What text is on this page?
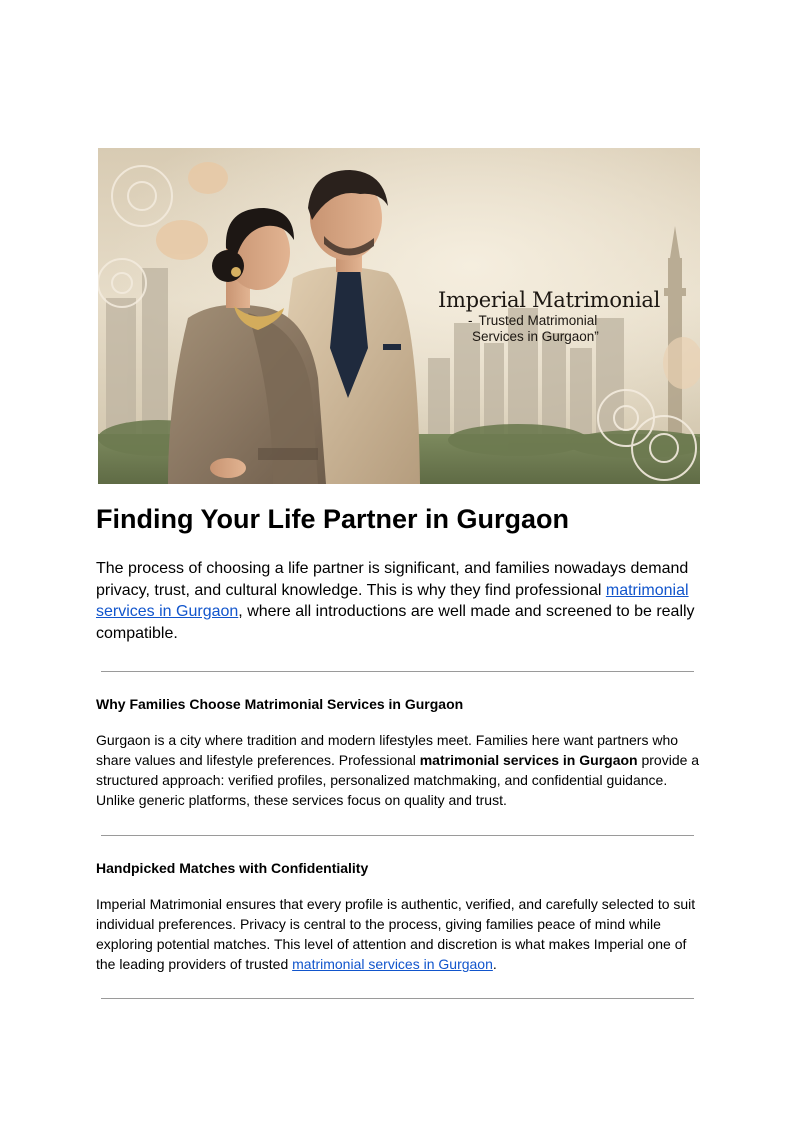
Imperial Matrimonial
- Trusted Matrimonial
Services in Gurgaon”
Finding Your Life Partner in Gurgaon

The process of choosing a life partner is significant, and families nowadays demand privacy, trust, and cultural knowledge. This is why they find professional matrimonial services in Gurgaon, where all introductions are well made and screened to be really compatible.

Why Families Choose Matrimonial Services in Gurgaon

Gurgaon is a city where tradition and modern lifestyles meet. Families here want partners who share values and lifestyle preferences. Professional matrimonial services in Gurgaon provide a structured approach: verified profiles, personalized matchmaking, and confidential guidance. Unlike generic platforms, these services focus on quality and trust.

Handpicked Matches with Confidentiality

Imperial Matrimonial ensures that every profile is authentic, verified, and carefully selected to suit individual preferences. Privacy is central to the process, giving families peace of mind while exploring potential matches. This level of attention and discretion is what makes Imperial one of the leading providers of trusted matrimonial services in Gurgaon.
